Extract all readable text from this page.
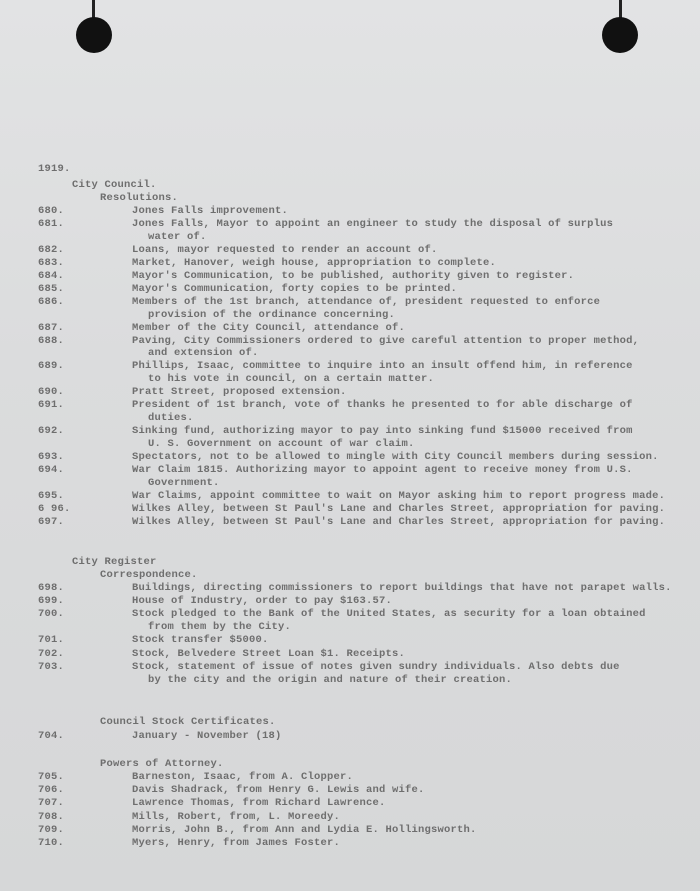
1919.
City Council.
Resolutions.
680.	Jones Falls improvement.
681.	Jones Falls, Mayor to appoint an engineer to study the disposal of surplus
water of.
682.	Loans, mayor requested to render an account of.
683.	Market, Hanover, weigh house, appropriation to complete.
684.	Mayor's Communication, to be published, authority given to register.
685.	Mayor's Communication, forty copies to be printed.
686.	Members of the 1st branch, attendance of, president requested to enforce
provision of the ordinance concerning.
687.	Member of the City Council, attendance of.
688.	Paving, City Commissioners ordered to give careful attention to proper method,
and extension of.
689.	Phillips, Isaac, committee to inquire into an insult offend him, in reference
to his vote in council, on a certain matter.
690.	Pratt Street, proposed extension.
691.	President of 1st branch, vote of thanks he presented to for able discharge of
duties.
692.	Sinking fund, authorizing mayor to pay into sinking fund $15000 received from
U. S. Government on account of war claim.
693.	Spectators, not to be allowed to mingle with City Council members during session.
694.	War Claim 1815. Authorizing mayor to appoint agent to receive money from U.S.
Government.
695.	War Claims, appoint committee to wait on Mayor asking him to report progress made.
6 96.	Wilkes Alley, between St Paul's Lane and Charles Street, appropriation for paving.
697.	Wilkes Alley, between St Paul's Lane and Charles Street, appropriation for paving.
City Register
Correspondence.
698.	Buildings, directing commissioners to report buildings that have not parapet walls.
699.	House of Industry, order to pay $163.57.
700.	Stock pledged to the Bank of the United States, as security for a loan obtained
from them by the City.
701.	Stock transfer $5000.
702.	Stock, Belvedere Street Loan $1. Receipts.
703.	Stock, statement of issue of notes given sundry individuals. Also debts due
by the city and the origin and nature of their creation.
Council Stock Certificates.
704.	January - November (18)
Powers of Attorney.
705.	Barneston, Isaac, from A. Clopper.
706.	Davis Shadrack, from Henry G. Lewis and wife.
707.	Lawrence Thomas, from Richard Lawrence.
708.	Mills, Robert, from, L. Moreedy.
709.	Morris, John B., from Ann and Lydia E. Hollingsworth.
710.	Myers, Henry, from James Foster.
